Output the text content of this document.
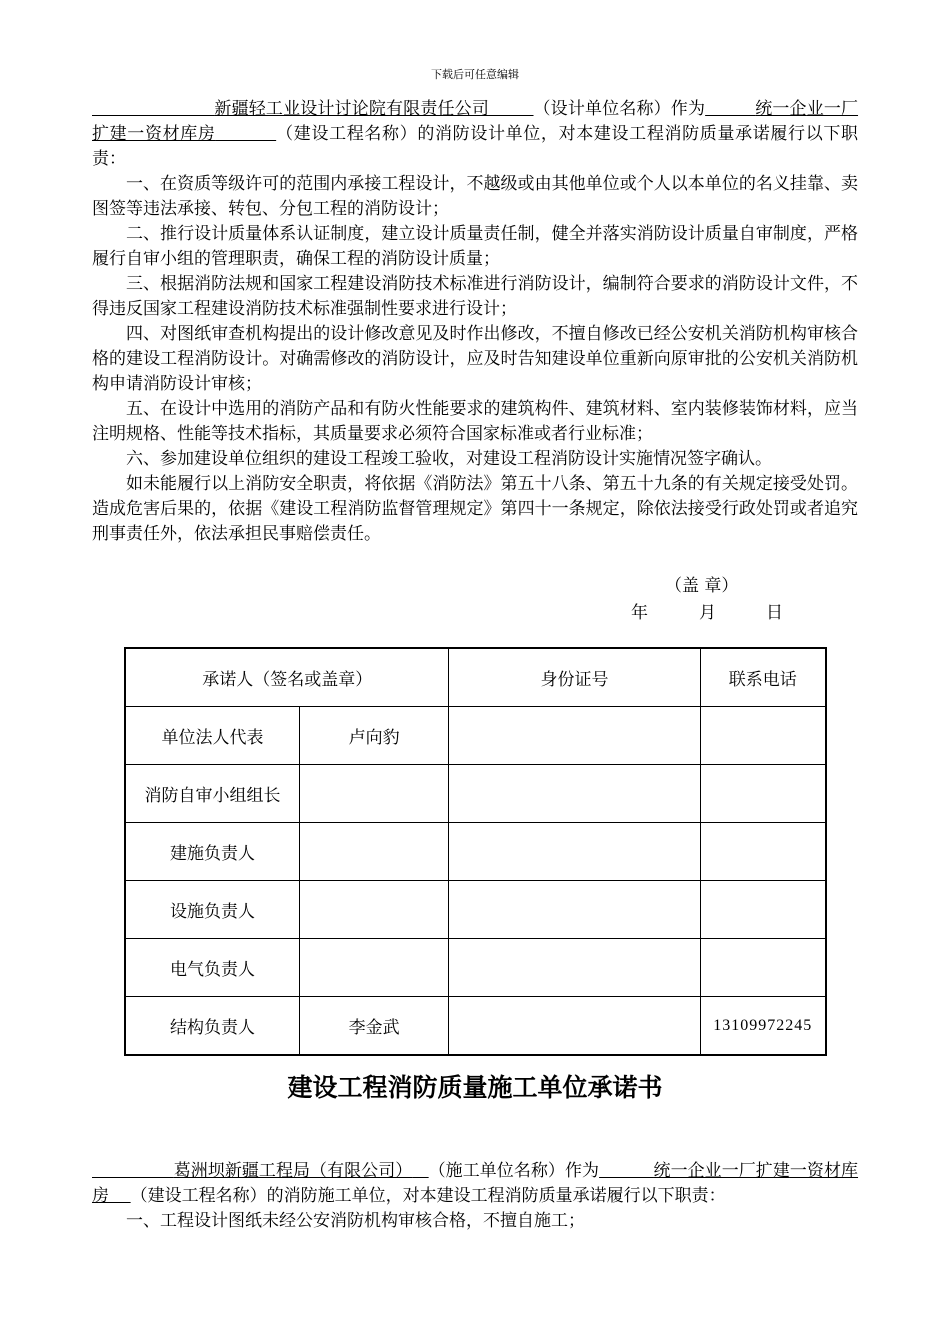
下载后可任意编辑

新疆轻工业设计讨论院有限责任公司	（设计单位名称）作为	统一企业一厂扩建一资材库房	（建设工程名称）的消防设计单位，对本建设工程消防质量承诺履行以下职责：

一、在资质等级许可的范围内承接工程设计，不越级或由其他单位或个人以本单位的名义挂靠、卖图签等违法承接、转包、分包工程的消防设计；

二、推行设计质量体系认证制度，建立设计质量责任制，健全并落实消防设计质量自审制度，严格履行自审小组的管理职责，确保工程的消防设计质量；

三、根据消防法规和国家工程建设消防技术标准进行消防设计，编制符合要求的消防设计文件，不得违反国家工程建设消防技术标准强制性要求进行设计；

四、对图纸审查机构提出的设计修改意见及时作出修改，不擅自修改已经公安机关消防机构审核合格的建设工程消防设计。对确需修改的消防设计，应及时告知建设单位重新向原审批的公安机关消防机构申请消防设计审核；

五、在设计中选用的消防产品和有防火性能要求的建筑构件、建筑材料、室内装修装饰材料，应当注明规格、性能等技术指标，其质量要求必须符合国家标准或者行业标准；

六、参加建设单位组织的建设工程竣工验收，对建设工程消防设计实施情况签字确认。

如未能履行以上消防安全职责，将依据《消防法》第五十八条、第五十九条的有关规定接受处罚。造成危害后果的，依据《建设工程消防监督管理规定》第四十一条规定，除依法接受行政处罚或者追究刑事责任外，依法承担民事赔偿责任。

（盖 章）
年	月	日
承诺人（签名或盖章）		身份证号	联系电话
单位法人代表	卢向豹		
消防自审小组组长			
建施负责人			
设施负责人			
电气负责人			
结构负责人	李金武		13109972245
建设工程消防质量施工单位承诺书

葛洲坝新疆工程局（有限公司） （施工单位名称）作为	统一企业一厂扩建一资材库房 （建设工程名称）的消防施工单位，对本建设工程消防质量承诺履行以下职责：

一、工程设计图纸未经公安消防机构审核合格，不擅自施工；
